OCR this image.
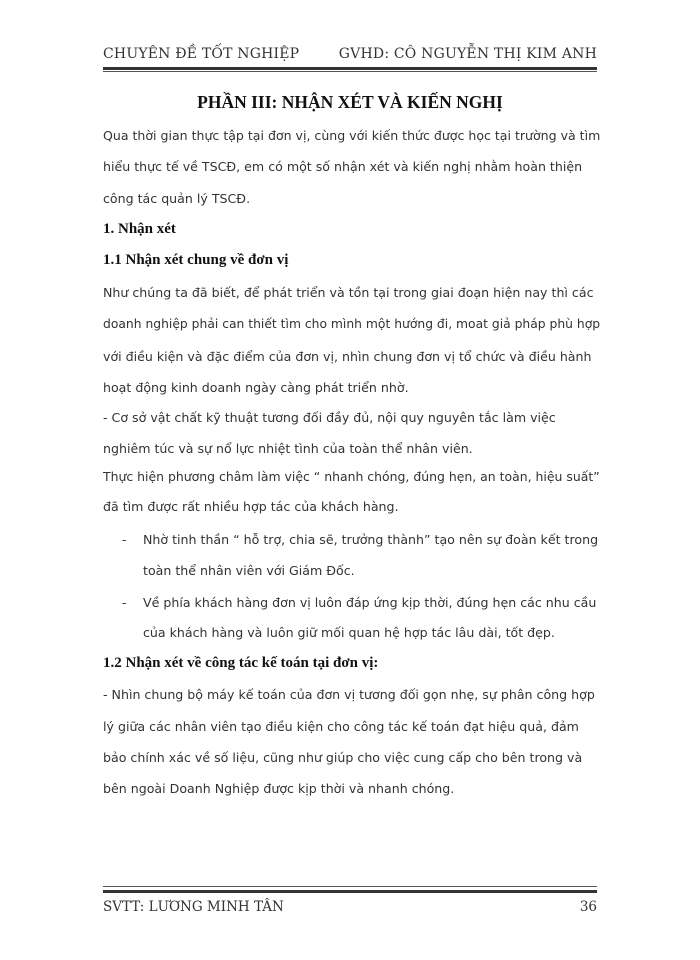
CHUYÊN ĐỀ TỐT NGHIỆP	GVHD: CÔ NGUYỄN THỊ KIM ANH
PHẦN III: NHẬN XÉT VÀ KIẾN NGHỊ
Qua thời gian thực tập tại đơn vị, cùng với kiến thức được học tại trường và tìm
hiểu thực tế về TSCĐ, em có một số nhận xét và kiến nghị nhằm hoàn thiện
công tác quản lý TSCĐ.
1. Nhận xét
1.1 Nhận xét chung về đơn vị
Như chúng ta đã biết, để phát triển và tồn tại trong giai đoạn hiện nay thì các
doanh nghiệp phải can thiết tìm cho mình một hướng đi, moat giả pháp phù hợp
với điều kiện và đặc điểm của đơn vị, nhìn chung đơn vị tổ chức và điều hành
hoạt động kinh doanh ngày càng phát triển nhờ.
- Cơ sở vật chất kỹ thuật tương đối đầy đủ, nội quy nguyên tắc làm việc
nghiêm túc và sự nổ lực nhiệt tình của toàn thể nhân viên.
Thực hiện phương châm làm việc “ nhanh chóng, đúng hẹn, an toàn, hiệu suất”
đã tìm được rất nhiều hợp tác của khách hàng.
- Nhờ tinh thần “ hỗ trợ, chia sẽ, trưởng thành” tạo nên sự đoàn kết trong
toàn thể nhân viên với Giám Đốc.
- Về phía khách hàng đơn vị luôn đáp ứng kịp thời, đúng hẹn các nhu cầu
của khách hàng và luôn giữ mối quan hệ hợp tác lâu dài, tốt đẹp.
1.2 Nhận xét về công tác kế toán tại đơn vị:
- Nhìn chung bộ máy kế toán của đơn vị tương đối gọn nhẹ, sự phân công hợp
lý giữa các nhân viên tạo điều kiện cho công tác kế toán đạt hiệu quả, đảm
bảo chính xác về số liệu, cũng như giúp cho việc cung cấp cho bên trong và
bên ngoài Doanh Nghiệp được kịp thời và nhanh chóng.
SVTT: LƯƠNG MINH TÂN	36
